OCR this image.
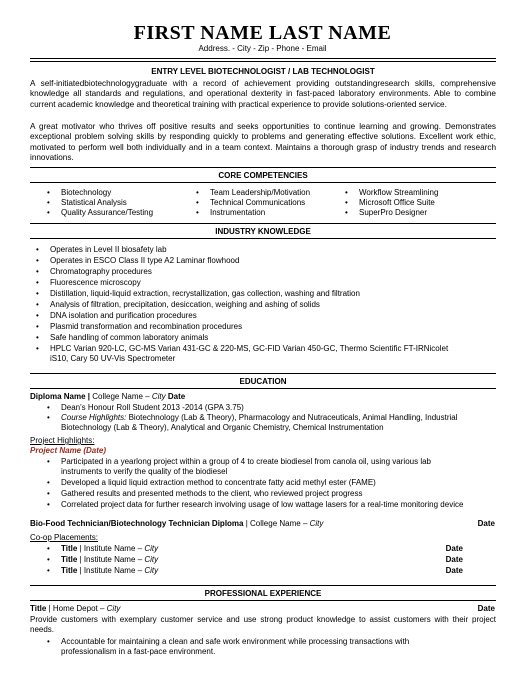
FIRST NAME LAST NAME
Address. - City - Zip - Phone - Email
ENTRY LEVEL BIOTECHNOLOGIST / LAB TECHNOLOGIST
A self-initiatedbiotechnologygraduate with a record of achievement providing outstandingresearch skills, comprehensive knowledge all standards and regulations, and operational dexterity in fast-paced laboratory environments. Able to combine current academic knowledge and theoretical training with practical experience to provide solutions-oriented service.
A great motivator who thrives off positive results and seeks opportunities to continue learning and growing. Demonstrates exceptional problem solving skills by responding quickly to problems and generating effective solutions. Excellent work ethic, motivated to perform well both individually and in a team context. Maintains a thorough grasp of industry trends and research innovations.
CORE COMPETENCIES
• Biotechnology
• Statistical Analysis
• Quality Assurance/Testing
• Team Leadership/Motivation
• Technical Communications
• Instrumentation
• Workflow Streamlining
• Microsoft Office Suite
• SuperPro Designer
INDUSTRY KNOWLEDGE
• Operates in Level II biosafety lab
• Operates in ESCO Class II type A2 Laminar flowhood
• Chromatography procedures
• Fluorescence microscopy
• Distillation, liquid-liquid extraction, recrystallization, gas collection, washing and filtration
• Analysis of filtration, precipitation, desiccation, weighing and ashing of solids
• DNA isolation and purification procedures
• Plasmid transformation and recombination procedures
• Safe handling of common laboratory animals
• HPLC Varian 920-LC, GC-MS Varian 431-GC & 220-MS, GC-FID Varian 450-GC, Thermo Scientific FT-IRNicolet
iS10, Cary 50 UV-Vis Spectrometer
EDUCATION
Diploma Name | College Name – City Date
• Dean's Honour Roll Student 2013 -2014 (GPA 3.75)
• Course Highlights: Biotechnology (Lab & Theory), Pharmacology and Nutraceuticals, Animal Handling, Industrial
Biotechnology (Lab & Theory), Analytical and Organic Chemistry, Chemical Instrumentation
Project Highlights:
Project Name (Date)
• Participated in a yearlong project within a group of 4 to create biodiesel from canola oil, using various lab
instruments to verify the quality of the biodiesel
• Developed a liquid liquid extraction method to concentrate fatty acid methyl ester (FAME)
• Gathered results and presented methods to the client, who reviewed project progress
• Correlated project data for further research involving usage of low wattage lasers for a real-time monitoring device
Bio-Food Technician/Biotechnology Technician Diploma | College Name – City	Date
Co-op Placements:
• Title | Institute Name – City	Date
• Title | Institute Name – City	Date
• Title | Institute Name – City	Date
PROFESSIONAL EXPERIENCE
Title | Home Depot – City	Date
Provide customers with exemplary customer service and use strong product knowledge to assist customers with their project needs.
• Accountable for maintaining a clean and safe work environment while processing transactions with
professionalism in a fast-pace environment.
